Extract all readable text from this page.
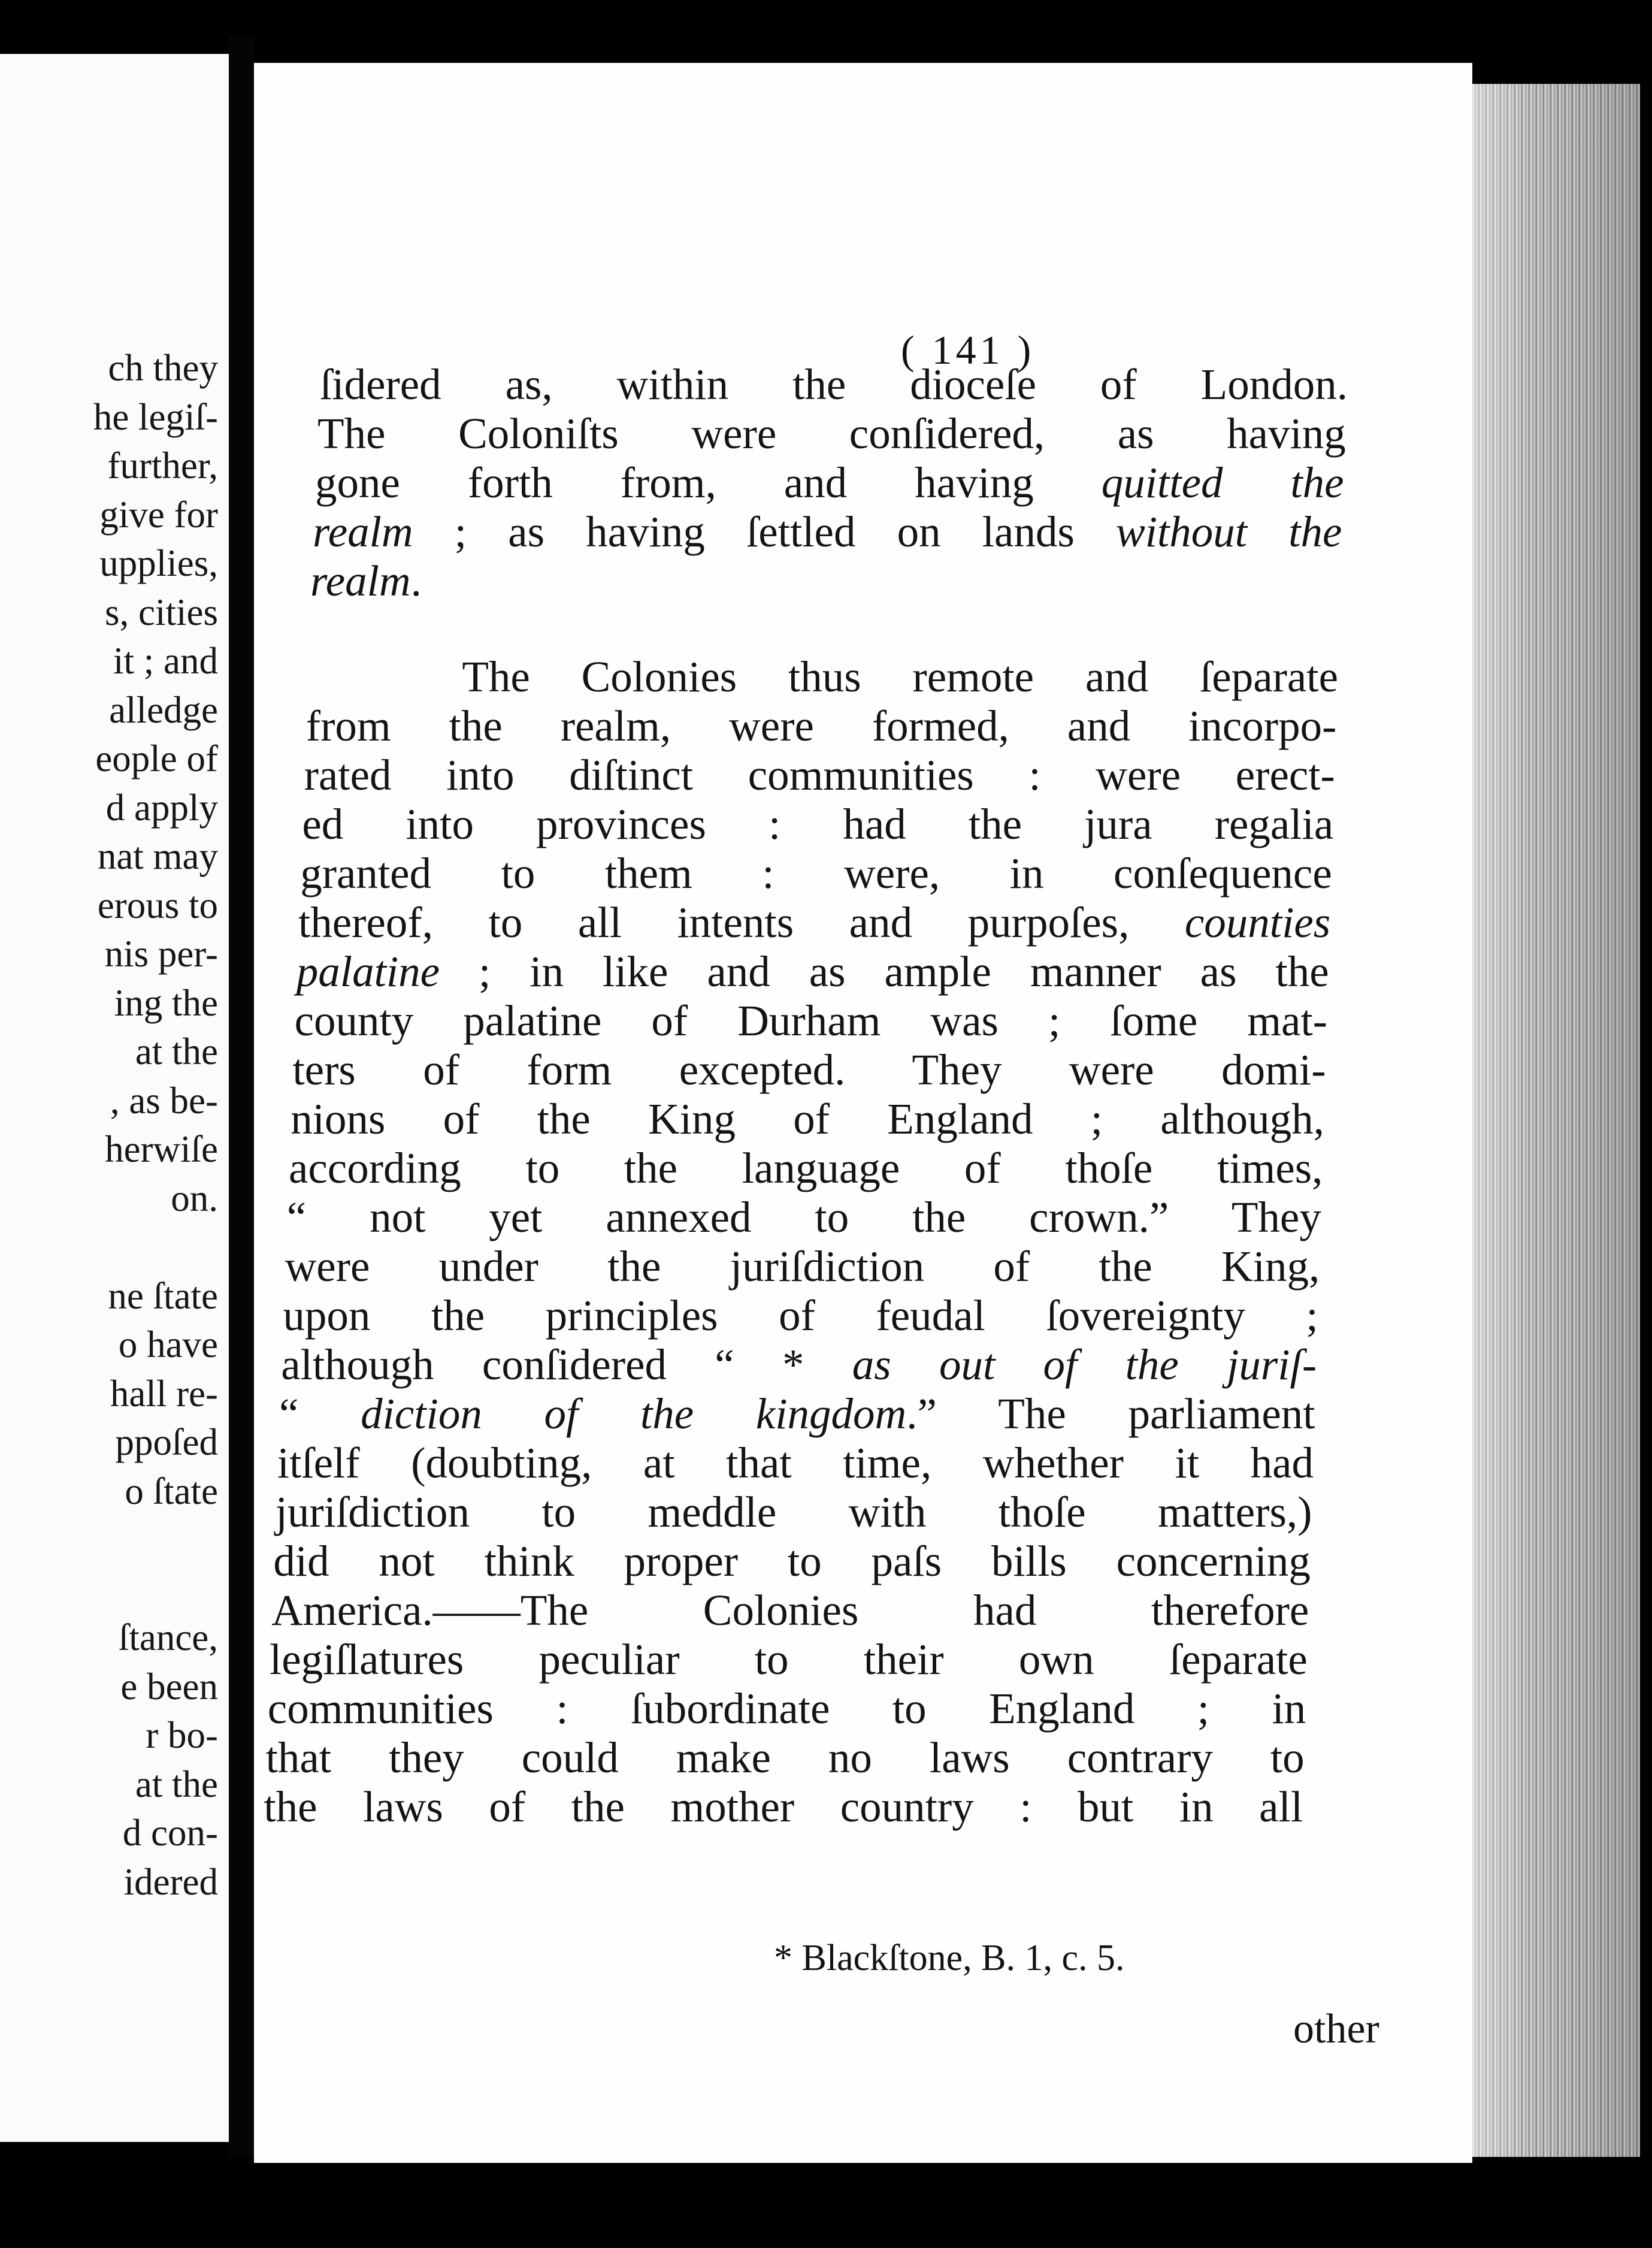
ch they
he legiſ-
further,
give for
upplies,
s, cities
it ; and
alledge
eople of
d apply
nat may
erous to
nis per-
ing the
at the
, as be-
herwiſe
on.
ne ſtate
o have
hall re-
ppoſed
o ſtate
ſtance,
e been
r bo-
at the
d con-
idered
( 141 )
ſidered as, within the dioceſe of London.
The Coloniſts were conſidered, as having
gone forth from, and having quitted the
realm ; as having ſettled on lands without the
realm.
The Colonies thus remote and ſeparate
from the realm, were formed, and incorpo-
rated into diſtinct communities : were erect-
ed into provinces : had the jura regalia
granted to them : were, in conſequence
thereof, to all intents and purpoſes, counties
palatine ; in like and as ample manner as the
county palatine of Durham was ; ſome mat-
ters of form excepted. They were domi-
nions of the King of England ; although,
according to the language of thoſe times,
“ not yet annexed to the crown.” They
were under the juriſdiction of the King,
upon the principles of feudal ſovereignty ;
although conſidered “ * as out of the juriſ-
“ diction of the kingdom.” The parliament
itſelf (doubting, at that time, whether it had
juriſdiction to meddle with thoſe matters,)
did not think proper to paſs bills concerning
America.——The Colonies had therefore
legiſlatures peculiar to their own ſeparate
communities : ſubordinate to England ; in
that they could make no laws contrary to
the laws of the mother country : but in all
* Blackſtone, B. 1, c. 5.
other
